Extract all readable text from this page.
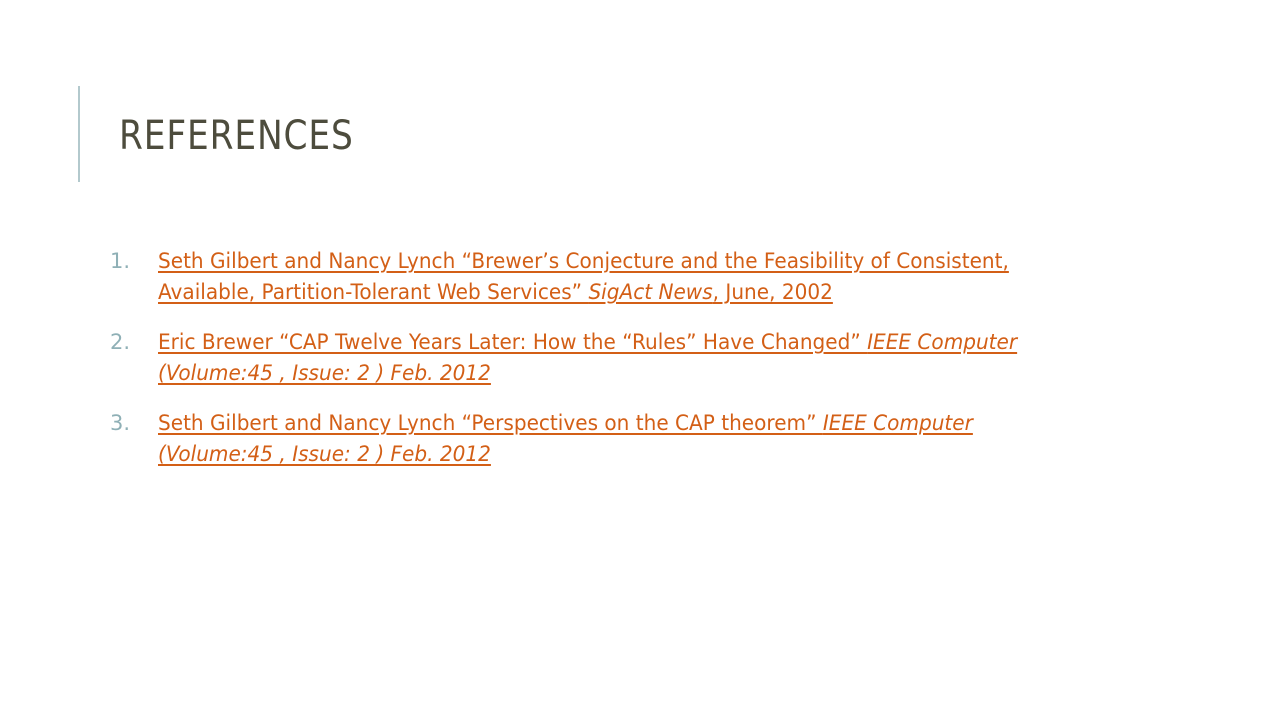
REFERENCES
1.	Seth Gilbert and Nancy Lynch “Brewer’s Conjecture and the Feasibility of Consistent, Available, Partition-Tolerant Web Services” SigAct News, June, 2002
2.	Eric Brewer “CAP Twelve Years Later: How the “Rules” Have Changed” IEEE Computer (Volume:45 , Issue: 2 ) Feb. 2012
3.	Seth Gilbert and Nancy Lynch “Perspectives on the CAP theorem” IEEE Computer (Volume:45 , Issue: 2 ) Feb. 2012
